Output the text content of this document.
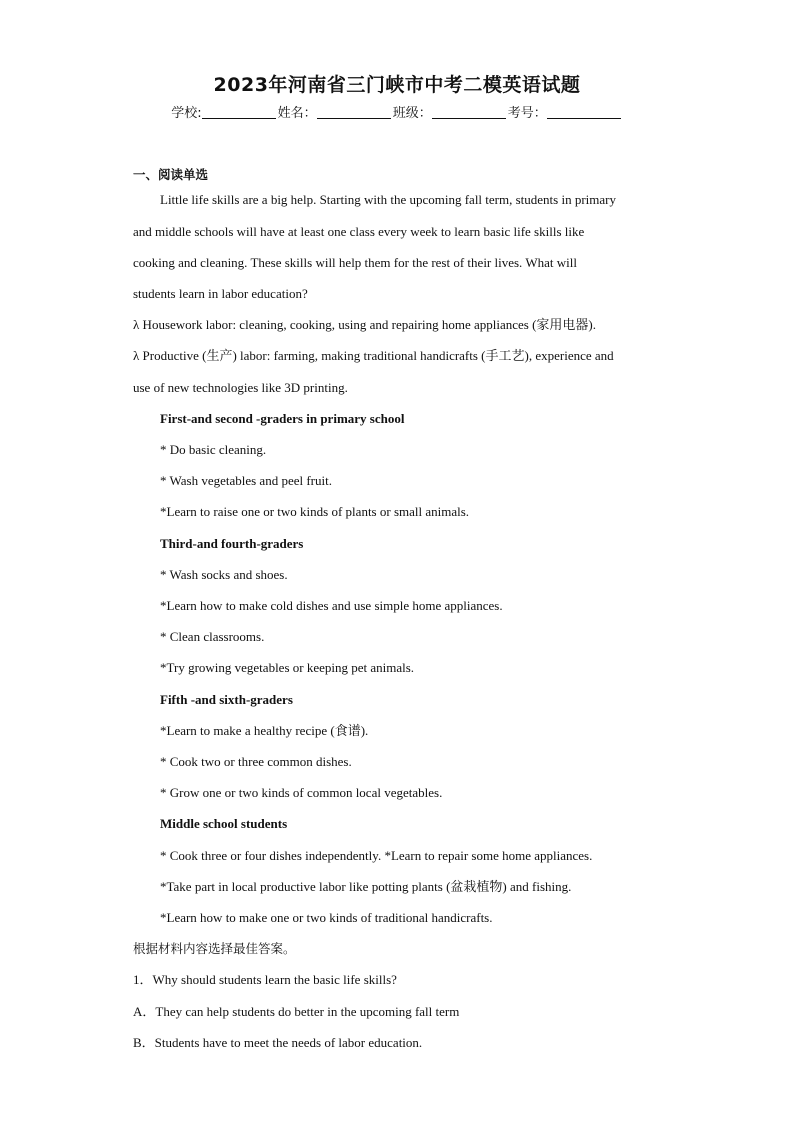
2023年河南省三门峡市中考二模英语试题
学校:	姓名：	班级：	考号：
一、阅读单选
Little life skills are a big help. Starting with the upcoming fall term, students in primary
and middle schools will have at least one class every week to learn basic life skills like
cooking and cleaning. These skills will help them for the rest of their lives. What will
students learn in labor education?
λ Housework labor: cleaning, cooking, using and repairing home appliances (家用电器).
λ Productive (生产) labor: farming, making traditional handicrafts (手工艺), experience and
use of new technologies like 3D printing.
First-and second -graders in primary school
* Do basic cleaning.
* Wash vegetables and peel fruit.
*Learn to raise one or two kinds of plants or small animals.
Third-and fourth-graders
* Wash socks and shoes.
*Learn how to make cold dishes and use simple home appliances.
* Clean classrooms.
*Try growing vegetables or keeping pet animals.
Fifth -and sixth-graders
*Learn to make a healthy recipe (食谱).
* Cook two or three common dishes.
* Grow one or two kinds of common local vegetables.
Middle school students
* Cook three or four dishes independently. *Learn to repair some home appliances.
*Take part in local productive labor like potting plants (盆栽植物) and fishing.
*Learn how to make one or two kinds of traditional handicrafts.
根据材料内容选择最佳答案。
1．Why should students learn the basic life skills?
A．They can help students do better in the upcoming fall term
B．Students have to meet the needs of labor education.
